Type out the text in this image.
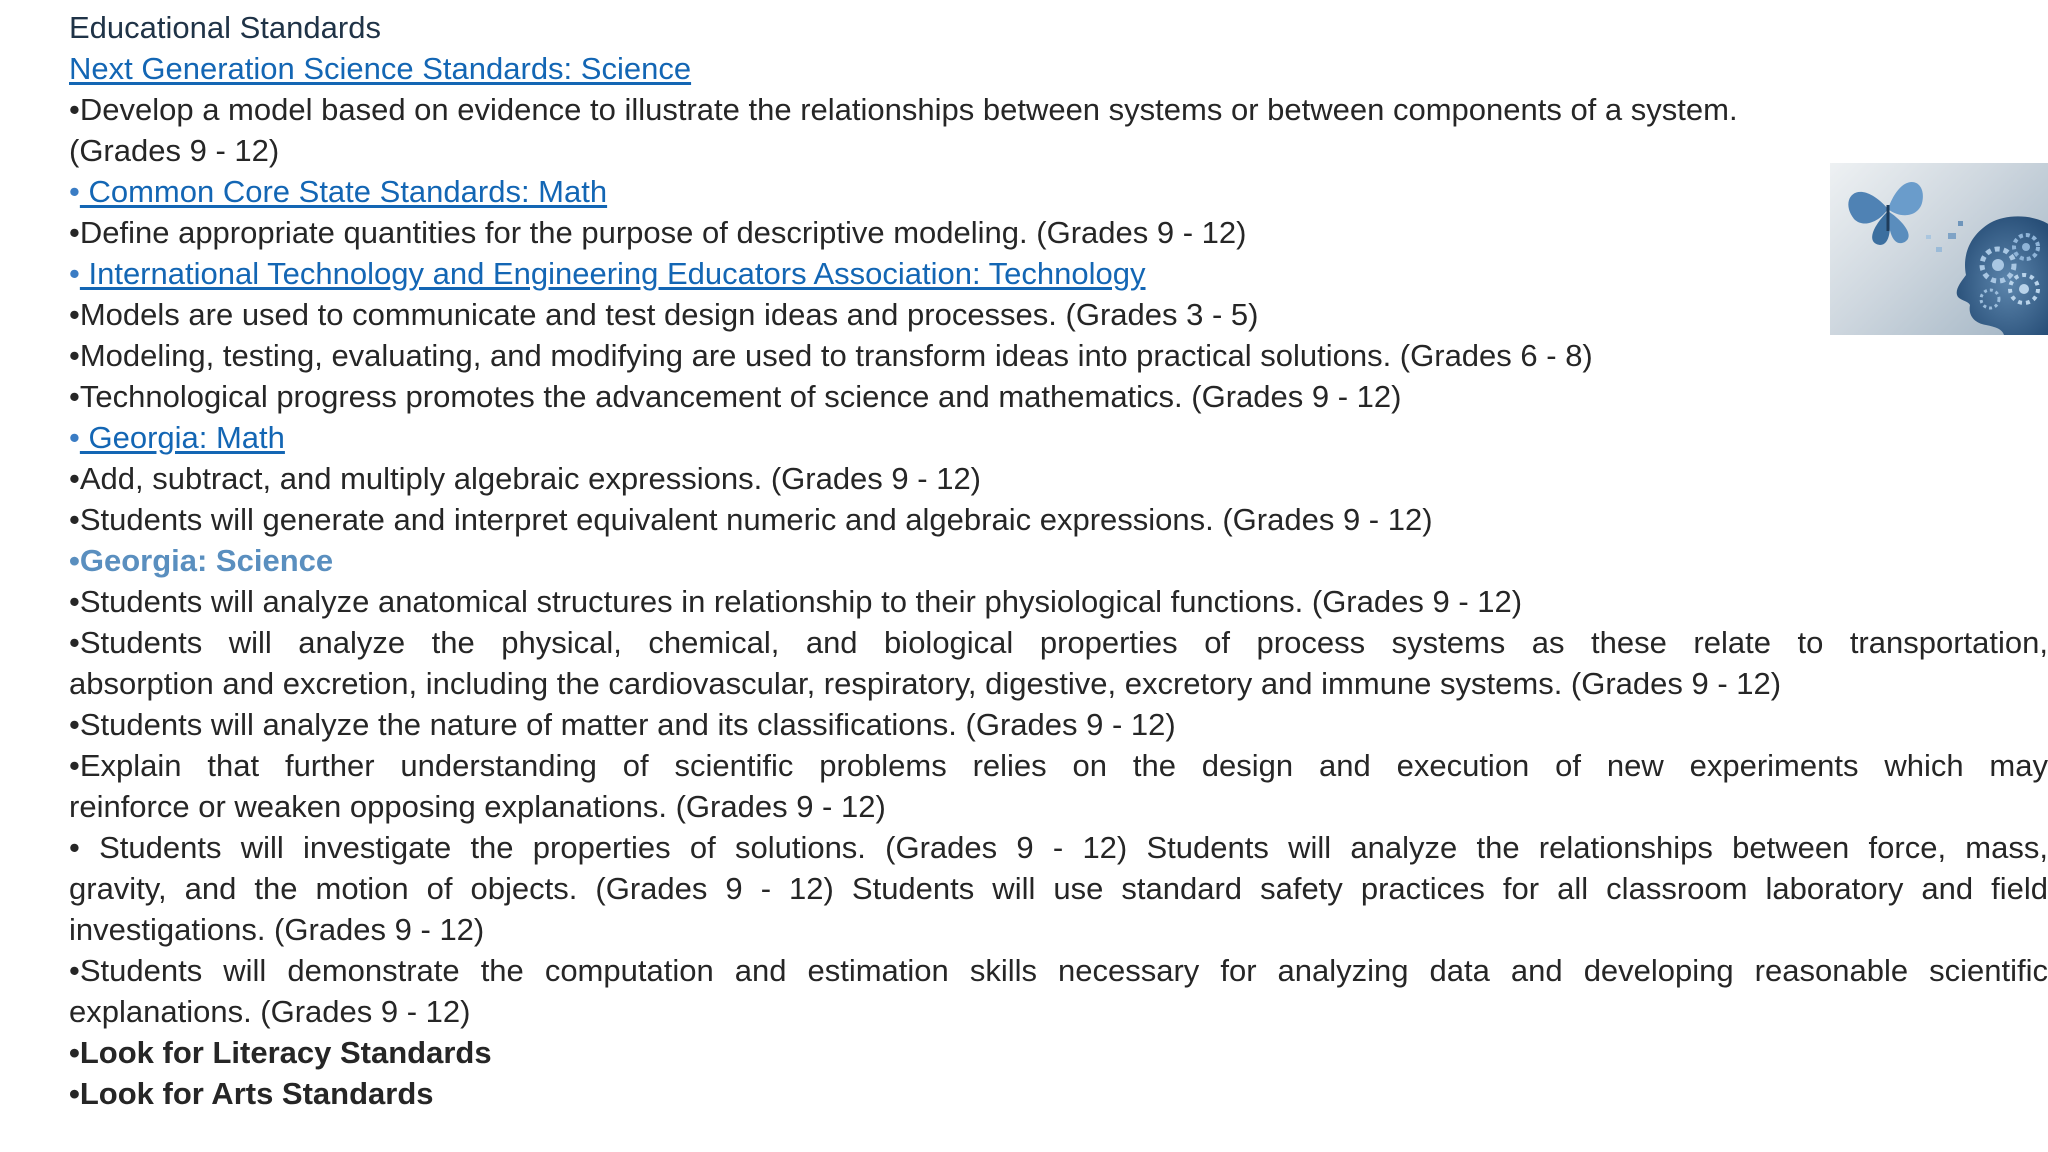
Educational Standards
Next Generation Science Standards: Science
•Develop a model based on evidence to illustrate the relationships between systems or between components of a system.
(Grades 9 - 12)
• Common Core State Standards: Math
•Define appropriate quantities for the purpose of descriptive modeling. (Grades 9 - 12)
• International Technology and Engineering Educators Association: Technology
•Models are used to communicate and test design ideas and processes. (Grades 3 - 5)
•Modeling, testing, evaluating, and modifying are used to transform ideas into practical solutions. (Grades 6 - 8)
•Technological progress promotes the advancement of science and mathematics. (Grades 9 - 12)
• Georgia: Math
•Add, subtract, and multiply algebraic expressions. (Grades 9 - 12)
•Students will generate and interpret equivalent numeric and algebraic expressions. (Grades 9 - 12)
•Georgia: Science
•Students will analyze anatomical structures in relationship to their physiological functions. (Grades 9 - 12)
•Students will analyze the physical, chemical, and biological properties of process systems as these relate to transportation,
absorption and excretion, including the cardiovascular, respiratory, digestive, excretory and immune systems. (Grades 9 - 12)
•Students will analyze the nature of matter and its classifications. (Grades 9 - 12)
•Explain that further understanding of scientific problems relies on the design and execution of new experiments which may
reinforce or weaken opposing explanations. (Grades 9 - 12)
• Students will investigate the properties of solutions. (Grades 9 - 12) Students will analyze the relationships between force, mass,
gravity, and the motion of objects. (Grades 9 - 12) Students will use standard safety practices for all classroom laboratory and field
investigations. (Grades 9 - 12)
•Students will demonstrate the computation and estimation skills necessary for analyzing data and developing reasonable scientific
explanations. (Grades 9 - 12)
•Look for Literacy Standards
•Look for Arts Standards
